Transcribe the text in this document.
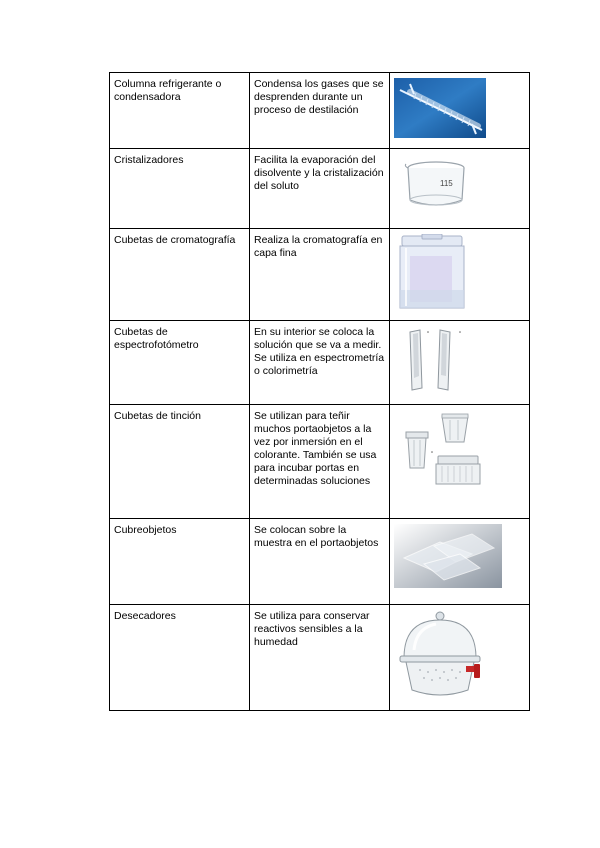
Columna refrigerante o condensadora	Condensa los gases que se desprenden durante un proceso de destilación	

Cristalizadores	Facilita la evaporación del disolvente y la cristalización del soluto	115

Cubetas de cromatografía	Realiza la cromatografía en capa fina	

Cubetas de espectrofotómetro	En su interior se coloca la solución que se va a medir. Se utiliza en espectrometría o colorimetría	

Cubetas de tinción	Se utilizan para teñir muchos portaobjetos a la vez por inmersión en el colorante. También se usa para incubar portas en determinadas soluciones	

Cubreobjetos	Se colocan sobre la muestra en el portaobjetos	

Desecadores	Se utiliza para conservar reactivos sensibles a la humedad	
